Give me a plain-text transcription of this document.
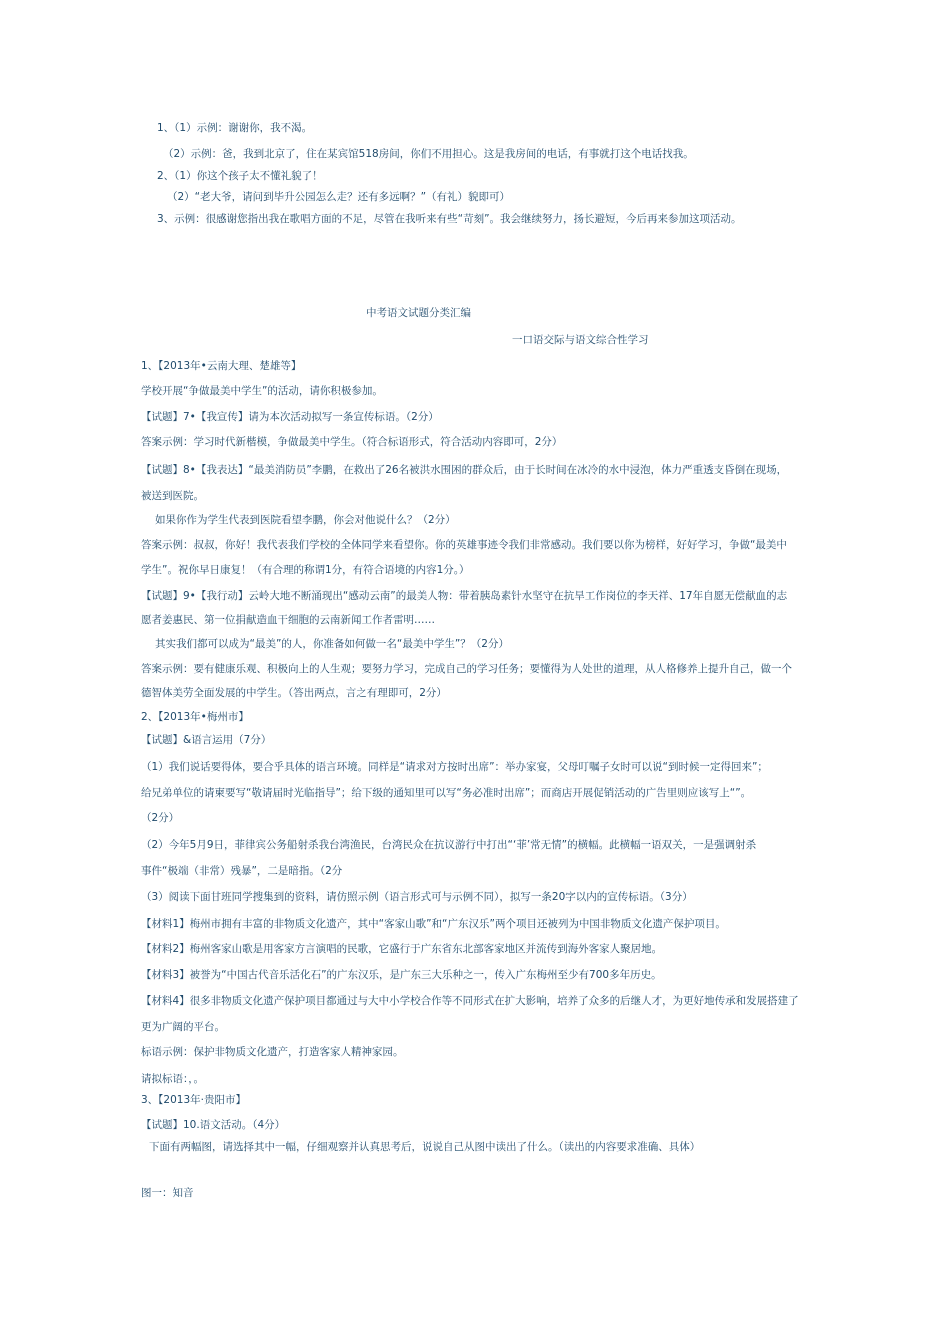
1、（1）示例：谢谢你，我不渴。
（2）示例：爸，我到北京了，住在某宾馆518房间，你们不用担心。这是我房间的电话，有事就打这个电话找我。
2、（1）你这个孩子太不懂礼貌了！
（2）“老大爷，请问到毕升公园怎么走？还有多远啊？”（有礼）貌即可）
3、示例：很感谢您指出我在歌唱方面的不足，尽管在我听来有些“苛刻”。我会继续努力，扬长避短，今后再来参加这项活动。
中考语文试题分类汇编
一口语交际与语文综合性学习
1、【2013年•云南大理、楚雄等】
学校开展“争做最美中学生”的活动，请你积极参加。
【试题】7•【我宣传】请为本次活动拟写一条宣传标语。（2分）
答案示例：学习时代新楷模，争做最美中学生。（符合标语形式，符合活动内容即可，2分）
【试题】8•【我表达】“最美消防员”李鹏，在救出了26名被洪水围困的群众后，由于长时间在冰冷的水中浸泡，体力严重透支昏倒在现场，
被送到医院。
如果你作为学生代表到医院看望李鹏，你会对他说什么？（2分）
答案示例：叔叔，你好！我代表我们学校的全体同学来看望你。你的英雄事迹令我们非常感动。我们要以你为榜样，好好学习，争做“最美中
学生”。祝你早日康复！（有合理的称谓1分，有符合语境的内容1分。）
【试题】9•【我行动】云岭大地不断涌现出“感动云南”的最美人物：带着胰岛素针水坚守在抗旱工作岗位的李天祥、17年自愿无偿献血的志
愿者姜惠民、第一位捐献造血干细胞的云南新闻工作者雷明……
其实我们都可以成为“最美”的人，你准备如何做一名“最美中学生”？（2分）
答案示例：要有健康乐观、积极向上的人生观；要努力学习，完成自己的学习任务；要懂得为人处世的道理，从人格修养上提升自己，做一个
德智体美劳全面发展的中学生。（答出两点，言之有理即可，2分）
2、【2013年•梅州市】
【试题】&语言运用（7分）
（1）我们说话要得体，要合乎具体的语言环境。同样是“请求对方按时出席”：举办家宴，父母叮嘱子女时可以说“到时候一定得回来”；
给兄弟单位的请柬要写“敬请届时光临指导”；给下级的通知里可以写“务必准时出席”；而商店开展促销活动的广告里则应该写上“”。
（2分）
（2）今年5月9日，菲律宾公务船射杀我台湾渔民，台湾民众在抗议游行中打出“‘菲’常无情”的横幅。此横幅一语双关，一是强调射杀
事件“极端（非常）残暴”，二是暗指。（2分
（3）阅读下面甘班同学搜集到的资料，请仿照示例（语言形式可与示例不同），拟写一条20字以内的宣传标语。（3分）
【材料1】梅州市拥有丰富的非物质文化遗产，其中“客家山歌”和“广东汉乐”两个项目还被列为中国非物质文化遗产保护项目。
【材料2】梅州客家山歌是用客家方言演唱的民歌，它盛行于广东省东北部客家地区并流传到海外客家人聚居地。
【材料3】被誉为“中国古代音乐活化石”的广东汉乐，是广东三大乐种之一，传入广东梅州至少有700多年历史。
【材料4】很多非物质文化遗产保护项目都通过与大中小学校合作等不同形式在扩大影响，培养了众多的后继人才，为更好地传承和发展搭建了
更为广阔的平台。
标语示例：保护非物质文化遗产，打造客家人精神家园。
请拟标语：，。
3、【2013年·贵阳市】
【试题】10.语文活动。（4分）
下面有两幅图，请选择其中一幅，仔细观察并认真思考后，说说自己从图中读出了什么。（读出的内容要求准确、具体）
图一：知音
